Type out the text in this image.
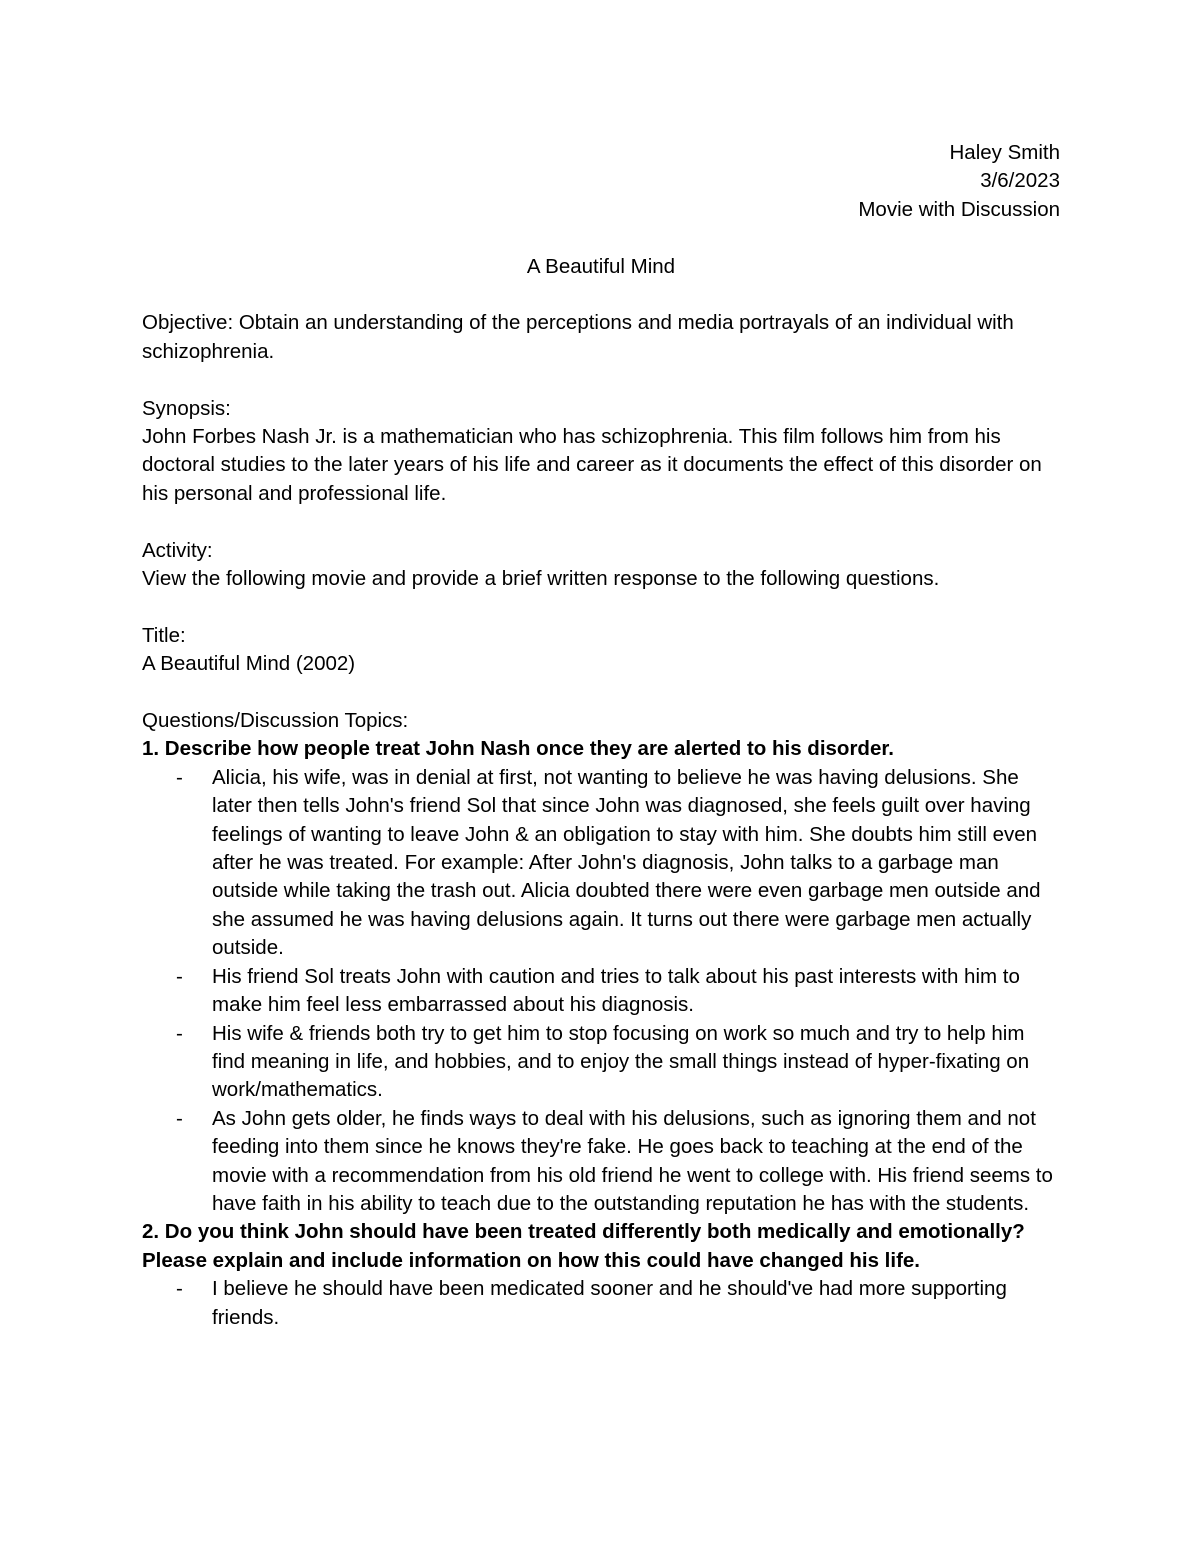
Haley Smith
3/6/2023
Movie with Discussion
A Beautiful Mind

Objective: Obtain an understanding of the perceptions and media portrayals of an individual with schizophrenia.

Synopsis:

John Forbes Nash Jr. is a mathematician who has schizophrenia. This film follows him from his doctoral studies to the later years of his life and career as it documents the effect of this disorder on his personal and professional life.

Activity:

View the following movie and provide a brief written response to the following questions.

Title:

A Beautiful Mind (2002)

Questions/Discussion Topics:

1. Describe how people treat John Nash once they are alerted to his disorder.

- Alicia, his wife, was in denial at first, not wanting to believe he was having delusions. She later then tells John's friend Sol that since John was diagnosed, she feels guilt over having feelings of wanting to leave John & an obligation to stay with him. She doubts him still even after he was treated. For example: After John's diagnosis, John talks to a garbage man outside while taking the trash out. Alicia doubted there were even garbage men outside and she assumed he was having delusions again. It turns out there were garbage men actually outside.
- His friend Sol treats John with caution and tries to talk about his past interests with him to make him feel less embarrassed about his diagnosis.
- His wife & friends both try to get him to stop focusing on work so much and try to help him find meaning in life, and hobbies, and to enjoy the small things instead of hyper-fixating on work/mathematics.
- As John gets older, he finds ways to deal with his delusions, such as ignoring them and not feeding into them since he knows they're fake. He goes back to teaching at the end of the movie with a recommendation from his old friend he went to college with. His friend seems to have faith in his ability to teach due to the outstanding reputation he has with the students.

2. Do you think John should have been treated differently both medically and emotionally? Please explain and include information on how this could have changed his life.

- I believe he should have been medicated sooner and he should've had more supporting friends.
